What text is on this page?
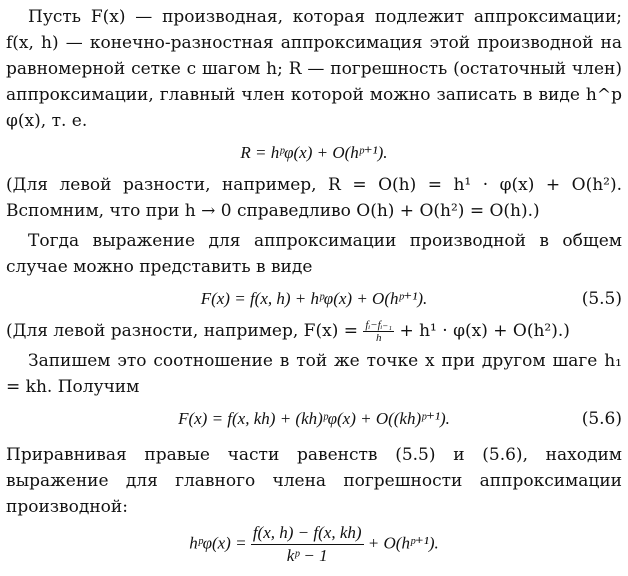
Пусть F(x) — производная, которая подлежит аппроксимации; f(x, h) — конечно-разностная аппроксимация этой производной на равномерной сетке с шагом h; R — погрешность (остаточный член) аппроксимации, главный член которой можно записать в виде h^p φ(x), т. е.

R = hᵖφ(x) + O(hᵖ⁺¹).

(Для левой разности, например, R = O(h) = h¹ · φ(x) + O(h²). Вспомним, что при h → 0 справедливо O(h) + O(h²) = O(h).)

Тогда выражение для аппроксимации производной в общем случае можно представить в виде

F(x) = f(x, h) + hᵖφ(x) + O(hᵖ⁺¹).	(5.5)

(Для левой разности, например, $F(x) = \frac{\text{fᵢ−fᵢ₋₁}}{h} + h^1 \cdot \varphi(x) + O(h^2)$.)

Запишем это соотношение в той же точке x при другом шаге h₁ = kh. Получим

F(x) = f(x, kh) + (kh)ᵖφ(x) + O((kh)ᵖ⁺¹).	(5.6)

Приравнивая правые части равенств (5.5) и (5.6), находим выражение для главного члена погрешности аппроксимации производной:

hᵖφ(x) = $\frac{f(x, h) - f(x, kh)}{\text{kᵖ − 1}}$ + O(hᵖ⁺¹).
